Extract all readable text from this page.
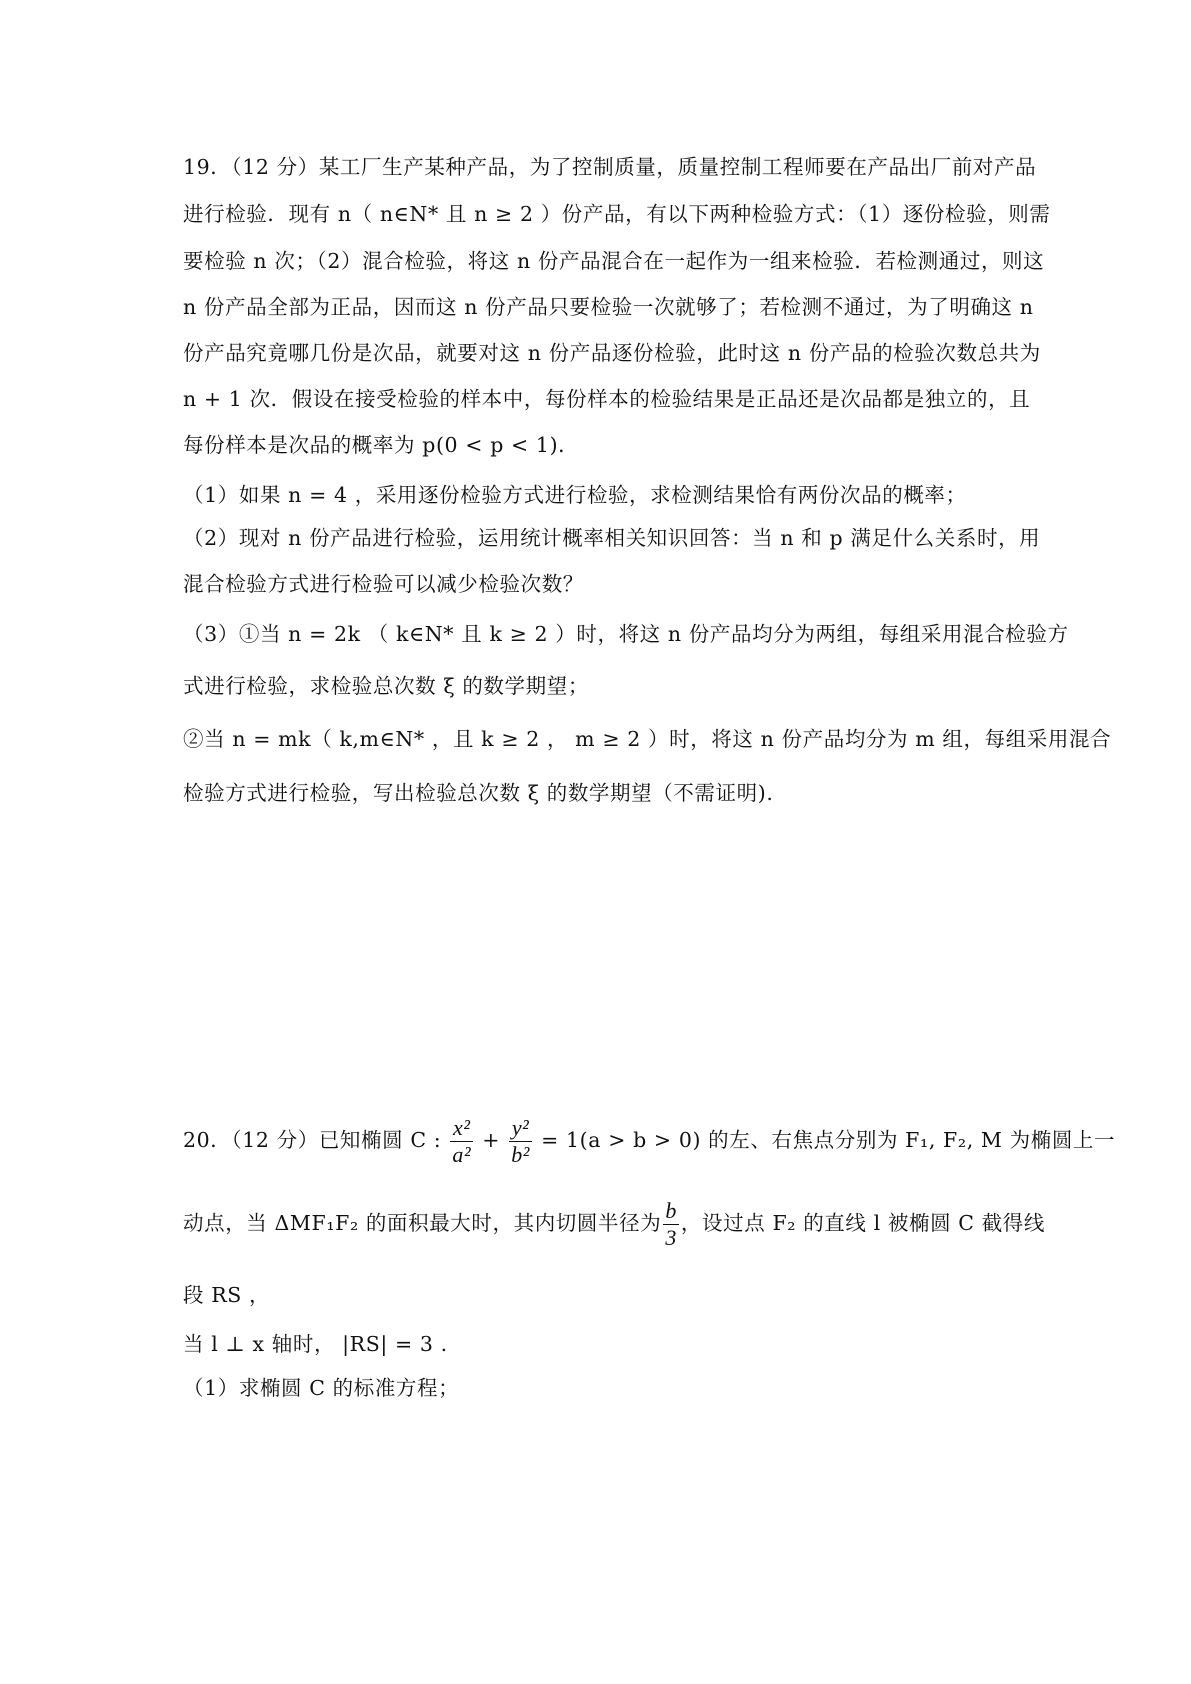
19．（12 分）某工厂生产某种产品，为了控制质量，质量控制工程师要在产品出厂前对产品
进行检验．现有 n（ n∈N* 且 n ≥ 2 ）份产品，有以下两种检验方式：（1）逐份检验，则需
要检验 n 次；（2）混合检验，将这 n 份产品混合在一起作为一组来检验．若检测通过，则这
n 份产品全部为正品，因而这 n 份产品只要检验一次就够了；若检测不通过，为了明确这 n
份产品究竟哪几份是次品，就要对这 n 份产品逐份检验，此时这 n 份产品的检验次数总共为
n + 1 次．假设在接受检验的样本中，每份样本的检验结果是正品还是次品都是独立的，且
每份样本是次品的概率为 p(0 < p < 1)．
（1）如果 n = 4 ，采用逐份检验方式进行检验，求检测结果恰有两份次品的概率；
（2）现对 n 份产品进行检验，运用统计概率相关知识回答：当 n 和 p 满足什么关系时，用
混合检验方式进行检验可以减少检验次数？
（3）①当 n = 2k （ k∈N* 且 k ≥ 2 ）时，将这 n 份产品均分为两组，每组采用混合检验方
式进行检验，求检验总次数 ξ 的数学期望；
②当 n = mk（ k,m∈N* ，且 k ≥ 2 ， m ≥ 2 ）时，将这 n 份产品均分为 m 组，每组采用混合
检验方式进行检验，写出检验总次数 ξ 的数学期望（不需证明).
20．（12 分）已知椭圆 C : $\frac{\text{x²}}{\text{a²}} + \frac{\text{y²}}{\text{b²}} = 1(a > b > 0)$ 的左、右焦点分别为 F₁, F₂, M 为椭圆上一
动点，当 ΔMF₁F₂ 的面积最大时，其内切圆半径为 $\frac{b}{3}$ ，设过点 F₂ 的直线 l 被椭圆 C 截得线
段 RS ，
当 l ⊥ x 轴时， |RS| = 3 .
（1）求椭圆 C 的标准方程；
